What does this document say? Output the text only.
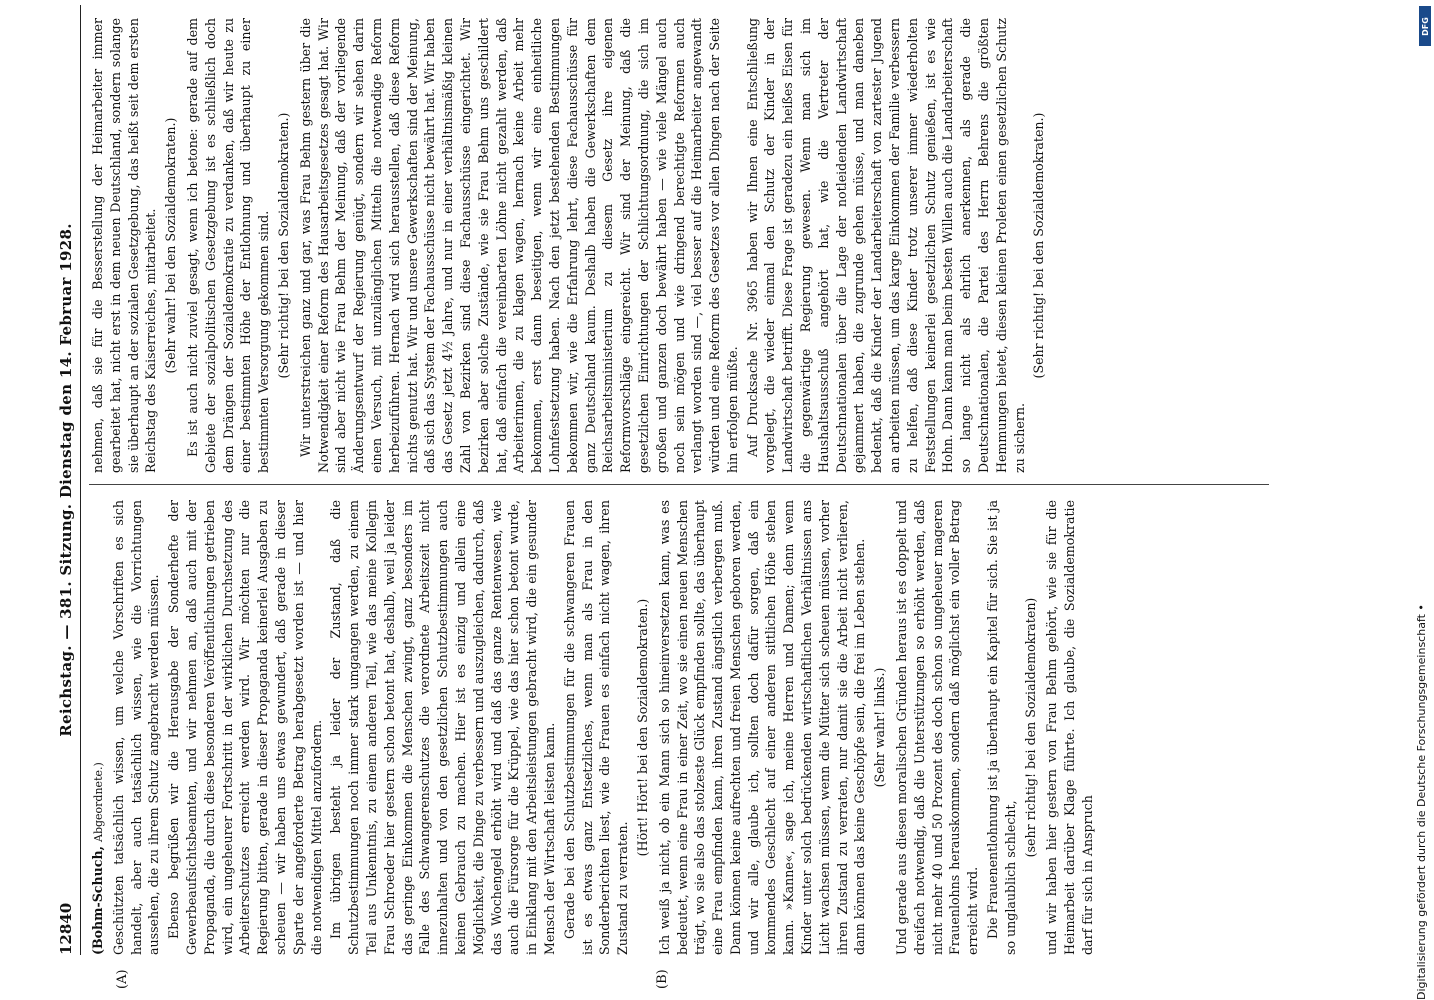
12840
Reichstag. — 381. Sitzung. Dienstag den 14. Februar 1928.
(A)	(B)

(Bohm-Schuch, Abgeordnete.) Geschützten tatsächlich wissen, um welche Vorschriften es sich handelt, aber auch tatsächlich wissen, wie die Vorrichtungen aussehen, die zu ihrem Schutz angebracht werden müssen. Ebenso begrüßen wir die Herausgabe der Sonderhefte der Gewerbeaufsichtsbeamten, und wir nehmen an, daß auch mit der Propaganda, die durch diese besonderen Veröffentlichungen getrieben wird, ein ungeheurer Fortschritt in der wirklichen Durchsetzung des Arbeiterschutzes erreicht werden wird. Wir möchten nur die Regierung bitten, gerade in dieser Propaganda keinerlei Ausgaben zu scheuen — wir haben uns etwas gewundert, daß gerade in dieser Sparte der angeforderte Betrag herabgesetzt worden ist — und hier die notwendigen Mittel anzufordern. Im übrigen besteht ja leider der Zustand, daß die Schutzbestimmungen noch immer stark umgangen werden, zu einem Teil aus Unkenntnis, zu einem anderen Teil, wie das meine Kollegin Frau Schroeder hier gestern schon betont hat, deshalb, weil ja leider das geringe Einkommen die Menschen zwingt, ganz besonders im Falle des Schwangerenschutzes die verordnete Arbeitszeit nicht innezuhalten und von den gesetzlichen Schutzbestimmungen auch keinen Gebrauch zu machen. Hier ist es einzig und allein eine Möglichkeit, die Dinge zu verbessern und auszugleichen, dadurch, daß das Wochengeld erhöht wird und daß das ganze Rentenwesen, wie auch die Fürsorge für die Krüppel, wie das hier schon betont wurde, in Einklang mit den Arbeitsleistungen gebracht wird, die ein gesunder Mensch der Wirtschaft leisten kann. Gerade bei den Schutzbestimmungen für die schwangeren Frauen ist es etwas ganz Entsetzliches, wenn man als Frau in den Sonderberichten liest, wie die Frauen es einfach nicht wagen, ihren Zustand zu verraten.

(Hört! Hört! bei den Sozialdemokraten.) Ich weiß ja nicht, ob ein Mann sich so hineinversetzen kann, was es bedeutet, wenn eine Frau in einer Zeit, wo sie einen neuen Menschen trägt, wo sie also das stolzeste Glück empfinden sollte, das überhaupt eine Frau empfinden kann, ihren Zustand ängstlich verbergen muß. Dann können keine aufrechten und freien Menschen geboren werden, und wir alle, glaube ich, sollten doch dafür sorgen, daß ein kommendes Geschlecht auf einer anderen sittlichen Höhe stehen kann. »Kanne«, sage ich, meine Herren und Damen; denn wenn Kinder unter solch bedrückenden wirtschaftlichen Verhältnissen ans Licht wachsen müssen, wenn die Mütter sich scheuen müssen, vorher ihren Zustand zu verraten, nur damit sie die Arbeit nicht verlieren, dann können das keine Geschöpfe sein, die frei im Leben stehen. (Sehr wahr! links.) Und gerade aus diesen moralischen Gründen heraus ist es doppelt und dreifach notwendig, daß die Unterstützungen so erhöht werden, daß nicht mehr 40 und 50 Prozent des doch schon so ungeheuer mageren Frauenlohns herauskommen, sondern daß möglichst ein voller Betrag erreicht wird. Die Frauenentlohnung ist ja überhaupt ein Kapitel für sich. Sie ist ja so unglaublich schlecht,

(sehr richtig! bei den Sozialdemokraten) und wir haben hier gestern von Frau Behm gehört, wie sie für die Heimarbeit darüber Klage führte. Ich glaube, die Sozialdemokratie darf für sich in Anspruch

nehmen, daß sie für die Besserstellung der Heimarbeiter immer gearbeitet hat, nicht erst in dem neuen Deutschland, sondern solange sie überhaupt an der sozialen Gesetzgebung, das heißt seit dem ersten Reichstag des Kaiserreiches, mitarbeitet. (Sehr wahr! bei den Sozialdemokraten.) Es ist auch nicht zuviel gesagt, wenn ich betone: gerade auf dem Gebiete der sozialpolitischen Gesetzgebung ist es schließlich doch dem Drängen der Sozialdemokratie zu verdanken, daß wir heute zu einer bestimmten Höhe der Entlohnung und überhaupt zu einer bestimmten Versorgung gekommen sind. (Sehr richtig! bei den Sozialdemokraten.) Wir unterstreichen ganz und gar, was Frau Behm gestern über die Notwendigkeit einer Reform des Hausarbeitsgesetzes gesagt hat. Wir sind aber nicht wie Frau Behm der Meinung, daß der vorliegende Änderungsentwurf der Regierung genügt, sondern wir sehen darin einen Versuch, mit unzulänglichen Mitteln die notwendige Reform herbeizuführen. Hernach wird sich herausstellen, daß diese Reform nichts genutzt hat. Wir und unsere Gewerkschaften sind der Meinung, daß sich das System der Fachausschüsse nicht bewährt hat. Wir haben das Gesetz jetzt 4½ Jahre, und nur in einer verhältnismäßig kleinen Zahl von Bezirken sind diese Fachausschüsse eingerichtet. Wir bezirken aber solche Zustände, wie sie Frau Behm uns geschildert hat, daß einfach die vereinbarten Löhne nicht gezahlt werden, daß Arbeiterinnen, die zu klagen wagen, hernach keine Arbeit mehr bekommen, erst dann beseitigen, wenn wir eine einheitliche Lohnfestsetzung haben. Nach den jetzt bestehenden Bestimmungen bekommen wir, wie die Erfahrung lehrt, diese Fachausschüsse für ganz Deutschland kaum. Deshalb haben die Gewerkschaften dem Reichsarbeitsministerium zu diesem Gesetz ihre eigenen Reformvorschläge eingereicht. Wir sind der Meinung, daß die gesetzlichen Einrichtungen der Schlichtungsordnung, die sich im großen und ganzen doch bewährt haben — wie viele Mängel auch noch sein mögen und wie dringend berechtigte Reformen auch verlangt worden sind —, viel besser auf die Heimarbeiter angewandt würden und eine Reform des Gesetzes vor allen Dingen nach der Seite hin erfolgen müßte. Auf Drucksache Nr. 3965 haben wir Ihnen eine Entschließung vorgelegt, die wieder einmal den Schutz der Kinder in der Landwirtschaft betrifft. Diese Frage ist geradezu ein heißes Eisen für die gegenwärtige Regierung gewesen. Wenn man sich im Haushaltsausschuß angehört hat, wie die Vertreter der Deutschnationalen über die Lage der notleidenden Landwirtschaft gejammert haben, die zugrunde gehen müsse, und man daneben bedenkt, daß die Kinder der Landarbeiterschaft von zartester Jugend an arbeiten müssen, um das karge Einkommen der Familie verbessern zu helfen, daß diese Kinder trotz unserer immer wiederholten Feststellungen keinerlei gesetzlichen Schutz genießen, ist es wie Hohn. Dann kann man beim besten Willen auch die Landarbeiterschaft so lange nicht als ehrlich anerkennen, als gerade die Deutschnationalen, die Partei des Herrn Behrens die größten Hemmungen bietet, diesen kleinen Proleten einen gesetzlichen Schutz zu sichern.

(Sehr richtig! bei den Sozialdemokraten.)

Digitalisierung gefördert durch die Deutsche Forschungsgemeinschaft •
DFG
